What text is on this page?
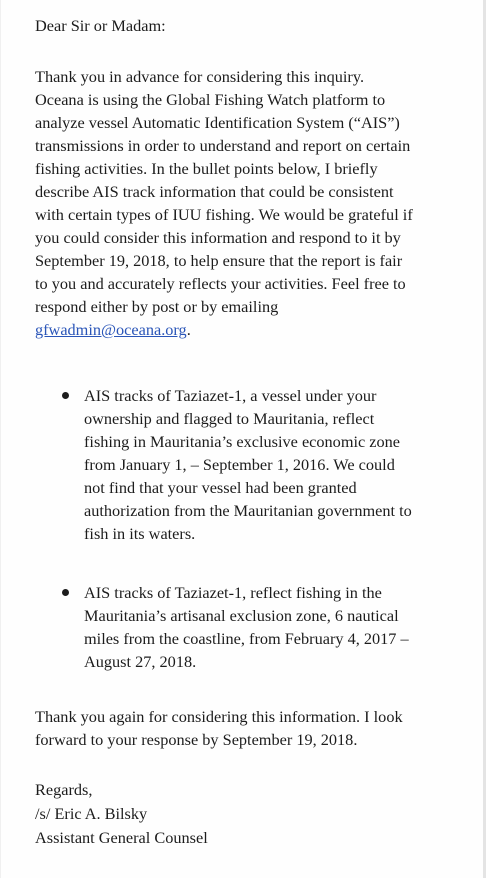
Dear Sir or Madam:

Thank you in advance for considering this inquiry.
Oceana is using the Global Fishing Watch platform to
analyze vessel Automatic Identification System (“AIS”)
transmissions in order to understand and report on certain
fishing activities. In the bullet points below, I briefly
describe AIS track information that could be consistent
with certain types of IUU fishing. We would be grateful if
you could consider this information and respond to it by
September 19, 2018, to help ensure that the report is fair
to you and accurately reflects your activities. Feel free to
respond either by post or by emailing
gfwadmin@oceana.org.

AIS tracks of Taziazet-1, a vessel under your
ownership and flagged to Mauritania, reflect
fishing in Mauritania’s exclusive economic zone
from January 1, – September 1, 2016. We could
not find that your vessel had been granted
authorization from the Mauritanian government to
fish in its waters.
AIS tracks of Taziazet-1, reflect fishing in the
Mauritania’s artisanal exclusion zone, 6 nautical
miles from the coastline, from February 4, 2017 –
August 27, 2018.

Thank you again for considering this information. I look
forward to your response by September 19, 2018.

Regards,

/s/ Eric A. Bilsky

Assistant General Counsel
